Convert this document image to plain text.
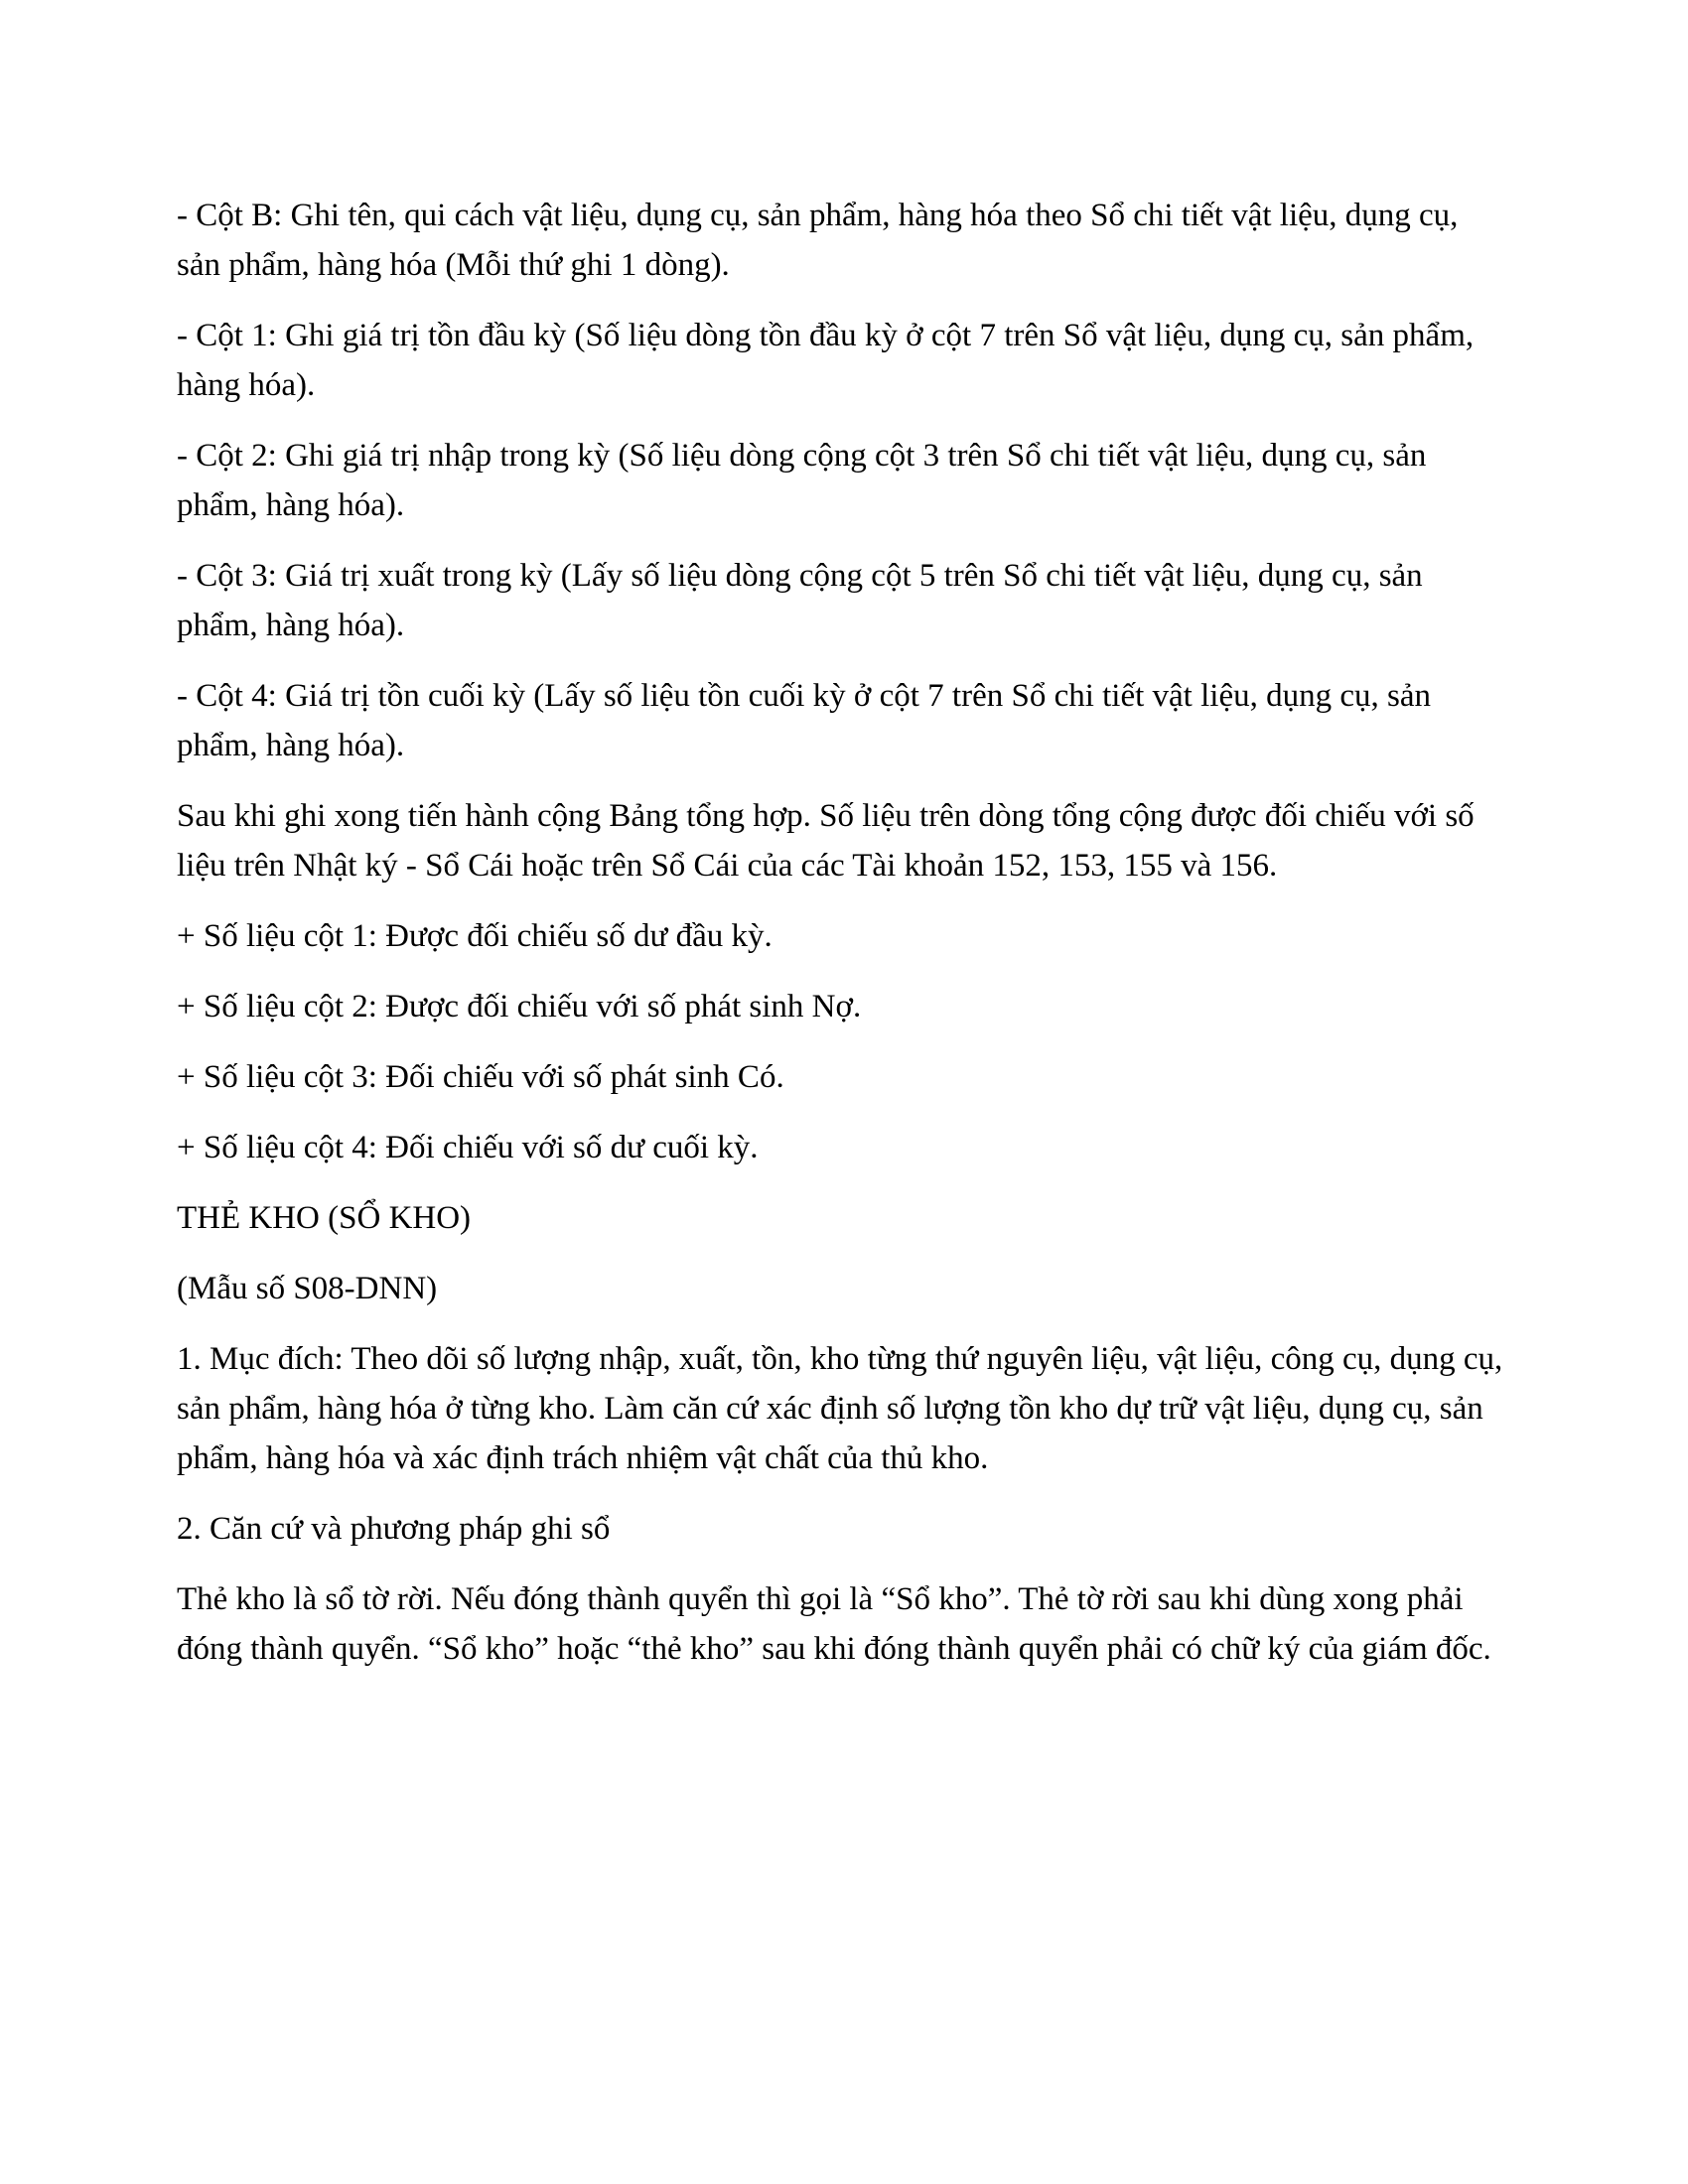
- Cột B: Ghi tên, qui cách vật liệu, dụng cụ, sản phẩm, hàng hóa theo Sổ chi tiết vật liệu, dụng cụ, sản phẩm, hàng hóa (Mỗi thứ ghi 1 dòng).

- Cột 1: Ghi giá trị tồn đầu kỳ (Số liệu dòng tồn đầu kỳ ở cột 7 trên Sổ vật liệu, dụng cụ, sản phẩm, hàng hóa).

- Cột 2: Ghi giá trị nhập trong kỳ (Số liệu dòng cộng cột 3 trên Sổ chi tiết vật liệu, dụng cụ, sản phẩm, hàng hóa).

- Cột 3: Giá trị xuất trong kỳ (Lấy số liệu dòng cộng cột 5 trên Sổ chi tiết vật liệu, dụng cụ, sản phẩm, hàng hóa).

- Cột 4: Giá trị tồn cuối kỳ (Lấy số liệu tồn cuối kỳ ở cột 7 trên Sổ chi tiết vật liệu, dụng cụ, sản phẩm, hàng hóa).

Sau khi ghi xong tiến hành cộng Bảng tổng hợp. Số liệu trên dòng tổng cộng được đối chiếu với số liệu trên Nhật ký - Sổ Cái hoặc trên Sổ Cái của các Tài khoản 152, 153, 155 và 156.

+ Số liệu cột 1: Được đối chiếu số dư đầu kỳ.

+ Số liệu cột 2: Được đối chiếu với số phát sinh Nợ.

+ Số liệu cột 3: Đối chiếu với số phát sinh Có.

+ Số liệu cột 4: Đối chiếu với số dư cuối kỳ.

THẺ KHO (SỔ KHO)

(Mẫu số S08-DNN)

1. Mục đích: Theo dõi số lượng nhập, xuất, tồn, kho từng thứ nguyên liệu, vật liệu, công cụ, dụng cụ, sản phẩm, hàng hóa ở từng kho. Làm căn cứ xác định số lượng tồn kho dự trữ vật liệu, dụng cụ, sản phẩm, hàng hóa và xác định trách nhiệm vật chất của thủ kho.

2. Căn cứ và phương pháp ghi sổ

Thẻ kho là sổ tờ rời. Nếu đóng thành quyển thì gọi là “Sổ kho”. Thẻ tờ rời sau khi dùng xong phải đóng thành quyển. “Sổ kho” hoặc “thẻ kho” sau khi đóng thành quyển phải có chữ ký của giám đốc.
